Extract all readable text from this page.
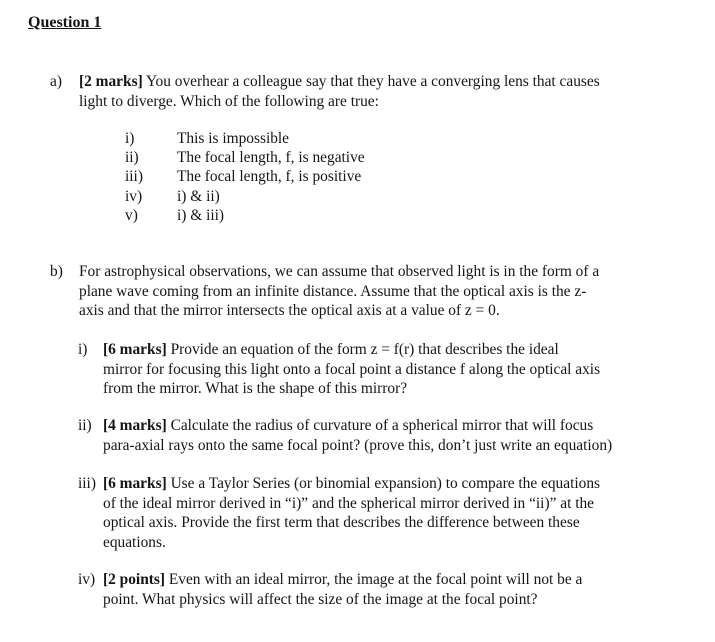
Question 1
a) [2 marks] You overhear a colleague say that they have a converging lens that causes
light to diverge. Which of the following are true:
i)	This is impossible
ii) The focal length, f, is negative
iii) The focal length, f, is positive
iv) i) & ii)
v)	i) & iii)
b) For astrophysical observations, we can assume that observed light is in the form of a
plane wave coming from an infinite distance. Assume that the optical axis is the z-
axis and that the mirror intersects the optical axis at a value of z = 0.
i) [6 marks] Provide an equation of the form z = f(r) that describes the ideal
mirror for focusing this light onto a focal point a distance f along the optical axis
from the mirror. What is the shape of this mirror?
ii) [4 marks] Calculate the radius of curvature of a spherical mirror that will focus
para-axial rays onto the same focal point? (prove this, don’t just write an equation)
iii) [6 marks] Use a Taylor Series (or binomial expansion) to compare the equations
of the ideal mirror derived in “i)” and the spherical mirror derived in “ii)” at the
optical axis. Provide the first term that describes the difference between these
equations.
iv) [2 points] Even with an ideal mirror, the image at the focal point will not be a
point. What physics will affect the size of the image at the focal point?
